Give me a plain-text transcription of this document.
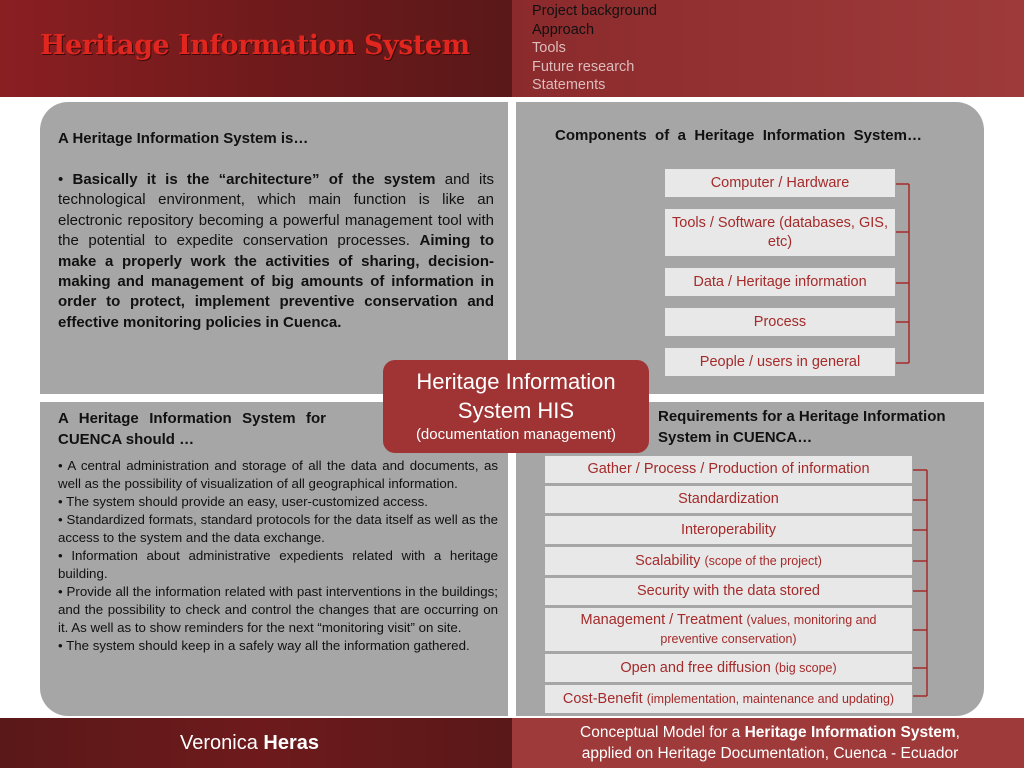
Heritage Information System
Project background
Approach
Tools
Future research
Statements
A Heritage Information System is…
• Basically it is the “architecture” of the system and its technological environment, which main function is like an electronic repository becoming a powerful management tool with the potential to expedite conservation processes. Aiming to make a properly work the activities of sharing, decision-making and management of big amounts of information in order to protect, implement preventive conservation and effective monitoring policies in Cuenca.
Components of a Heritage Information System…
Computer / Hardware
Tools / Software (databases, GIS, etc)
Data / Heritage information
Process
People / users in general
A Heritage Information System for CUENCA should …

• A central administration and storage of all the data and documents, as well as the possibility of visualization of all geographical information.

• The system should provide an easy, user-customized access.

• Standardized formats, standard protocols for the data itself as well as the access to the system and the data exchange.

• Information about administrative expedients related with a heritage building.

• Provide all the information related with past interventions in the buildings; and the possibility to check and control the changes that are occurring on it. As well as to show reminders for the next “monitoring visit” on site.

• The system should keep in a safely way all the information gathered.

Requirements for a Heritage Information System in CUENCA…
Gather / Process / Production of information
Standardization
Interoperability
Scalability (scope of the project)
Security with the data stored
Management / Treatment (values, monitoring and preventive conservation)
Open and free diffusion (big scope)
Cost-Benefit (implementation, maintenance and updating)
Heritage Information System HIS
(documentation management)
Veronica Heras	Conceptual Model for a Heritage Information System,
applied on Heritage Documentation, Cuenca - Ecuador
